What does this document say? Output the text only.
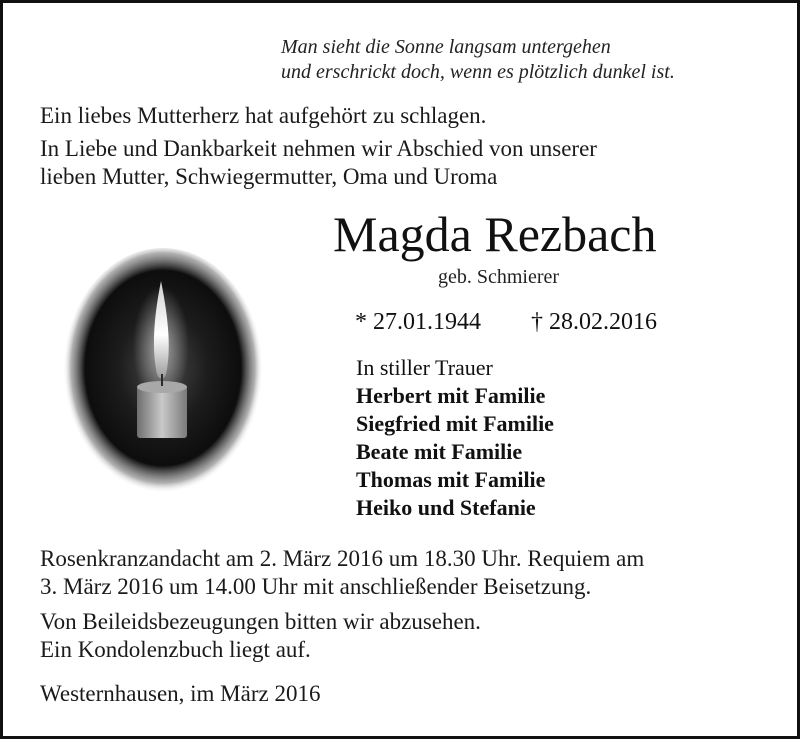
Man sieht die Sonne langsam untergehen
und erschrickt doch, wenn es plötzlich dunkel ist.
Ein liebes Mutterherz hat aufgehört zu schlagen.
In Liebe und Dankbarkeit nehmen wir Abschied von unserer
lieben Mutter, Schwiegermutter, Oma und Uroma
Magda Rezbach
geb. Schmierer
* 27.01.1944 † 28.02.2016
In stiller Trauer
Herbert mit Familie
Siegfried mit Familie
Beate mit Familie
Thomas mit Familie
Heiko und Stefanie
Rosenkranzandacht am 2. März 2016 um 18.30 Uhr. Requiem am
3. März 2016 um 14.00 Uhr mit anschließender Beisetzung.
Von Beileidsbezeugungen bitten wir abzusehen.
Ein Kondolenzbuch liegt auf.
Westernhausen, im März 2016
